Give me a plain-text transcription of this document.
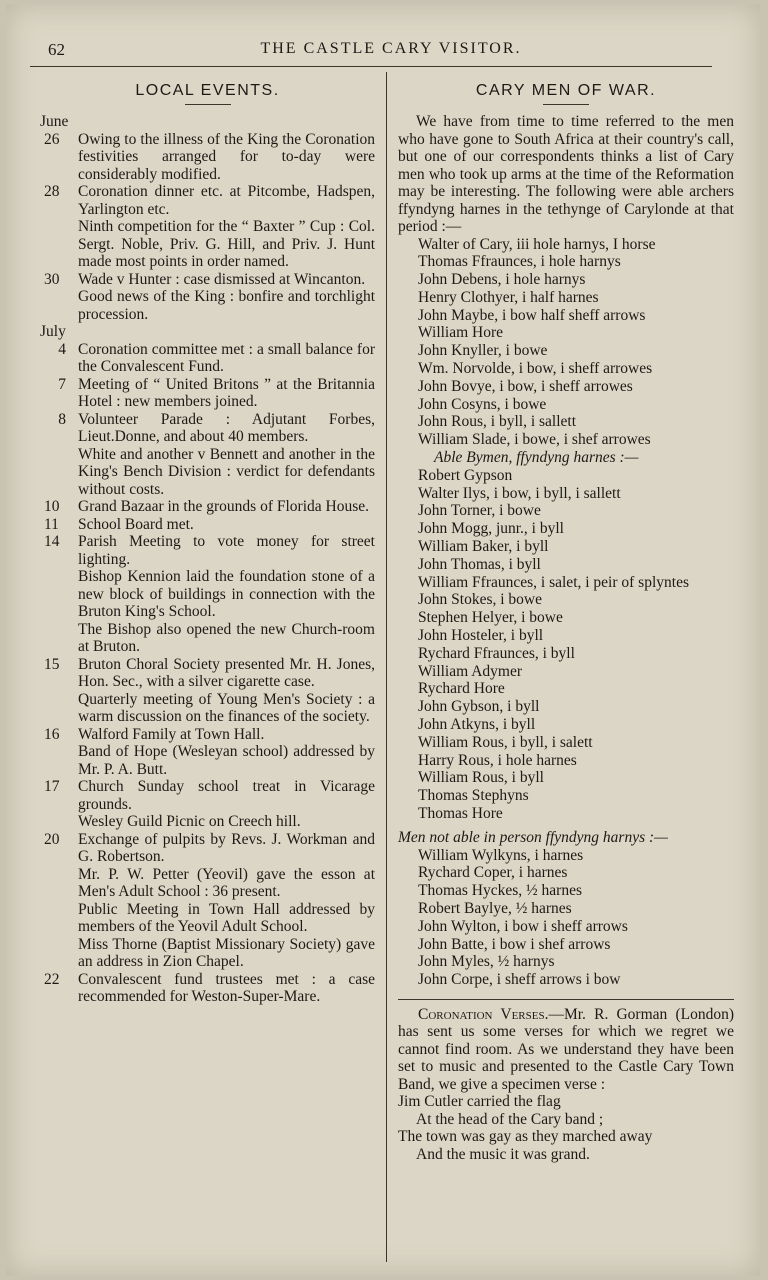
62	THE CASTLE CARY VISITOR.
LOCAL EVENTS.
June
26	Owing to the illness of the King the Coronation festivities arranged for to-day were considerably modified.

28	Coronation dinner etc. at Pitcombe, Hadspen, Yarlington etc.

Ninth competition for the “ Baxter ” Cup : Col. Sergt. Noble, Priv. G. Hill, and Priv. J. Hunt made most points in order named.

30	Wade v Hunter : case dismissed at Wincanton.

Good news of the King : bonfire and torchlight procession.

July
4 Coronation committee met : a small balance for the Convalescent Fund.

7 Meeting of “ United Britons ” at the Britannia Hotel : new members joined.

8 Volunteer Parade : Adjutant Forbes, Lieut.Donne, and about 40 members.

White and another v Bennett and another in the King's Bench Division : verdict for defendants without costs.

10	Grand Bazaar in the grounds of Florida House.

11	School Board met.

14	Parish Meeting to vote money for street lighting.

Bishop Kennion laid the foundation stone of a new block of buildings in connection with the Bruton King's School.

The Bishop also opened the new Church-room at Bruton.

15	Bruton Choral Society presented Mr. H. Jones, Hon. Sec., with a silver cigarette case.

Quarterly meeting of Young Men's Society : a warm discussion on the finances of the society.

16	Walford Family at Town Hall.

Band of Hope (Wesleyan school) addressed by Mr. P. A. Butt.

17	Church Sunday school treat in Vicarage grounds.

Wesley Guild Picnic on Creech hill.

20	Exchange of pulpits by Revs. J. Workman and G. Robertson.

Mr. P. W. Petter (Yeovil) gave the esson at Men's Adult School : 36 present.

Public Meeting in Town Hall addressed by members of the Yeovil Adult School.

Miss Thorne (Baptist Missionary Society) gave an address in Zion Chapel.

22	Convalescent fund trustees met : a case recommended for Weston-Super-Mare.

CARY MEN OF WAR.

We have from time to time referred to the men who have gone to South Africa at their country's call, but one of our correspondents thinks a list of Cary men who took up arms at the time of the Reformation may be interesting. The following were able archers ffyndyng harnes in the tethynge of Carylonde at that period :—

Walter of Cary, iii hole harnys, I horse
Thomas Ffraunces, i hole harnys
John Debens, i hole harnys
Henry Clothyer, i half harnes
John Maybe, i bow half sheff arrows
William Hore
John Knyller, i bowe
Wm. Norvolde, i bow, i sheff arrowes
John Bovye, i bow, i sheff arrowes
John Cosyns, i bowe
John Rous, i byll, i sallett
William Slade, i bowe, i shef arrowes
Able Bymen, ffyndyng harnes :—
Robert Gypson
Walter Ilys, i bow, i byll, i sallett
John Torner, i bowe
John Mogg, junr., i byll
William Baker, i byll
John Thomas, i byll
William Ffraunces, i salet, i peir of splyntes
John Stokes, i bowe
Stephen Helyer, i bowe
John Hosteler, i byll
Rychard Ffraunces, i byll
William Adymer
Rychard Hore
John Gybson, i byll
John Atkyns, i byll
William Rous, i byll, i salett
Harry Rous, i hole harnes
William Rous, i byll
Thomas Stephyns
Thomas Hore
Men not able in person ffyndyng harnys :—
William Wylkyns, i harnes
Rychard Coper, i harnes
Thomas Hyckes, ½ harnes
Robert Baylye, ½ harnes
John Wylton, i bow i sheff arrows
John Batte, i bow i shef arrows
John Myles, ½ harnys
John Corpe, i sheff arrows i bow

Coronation Verses.—Mr. R. Gorman (London) has sent us some verses for which we regret we cannot find room. As we understand they have been set to music and presented to the Castle Cary Town Band, we give a specimen verse :

Jim Cutler carried the flag

At the head of the Cary band ;

The town was gay as they marched away

And the music it was grand.
